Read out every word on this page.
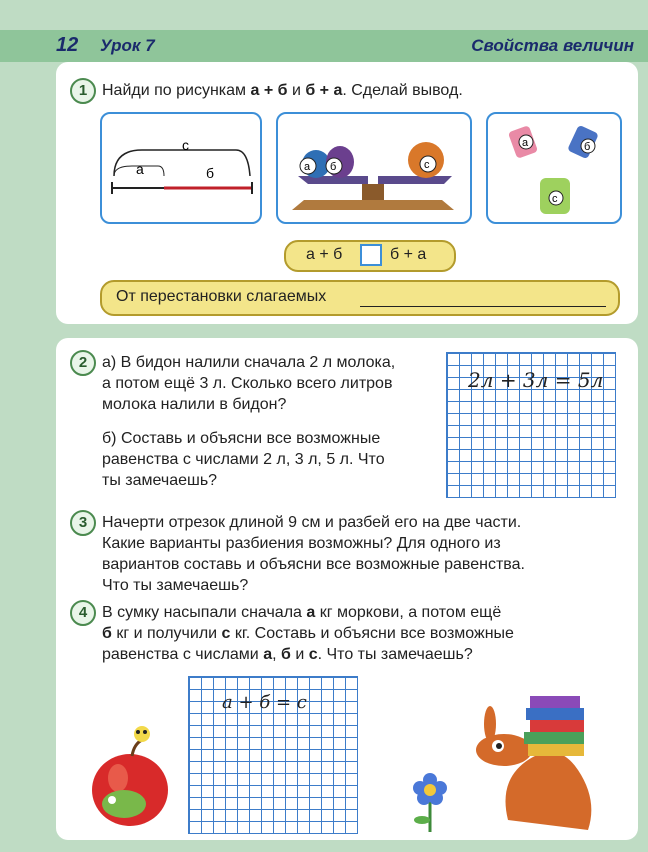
12 Урок 7	Свойства величин
1 Найди по рисункам а + б и б + а. Сделай вывод.
с
а	б	а б	с
а	б
с
а + б	б + а
От перестановки слагаемых
2 а) В бидон налили сначала 2 л молока,
а потом ещё 3 л. Сколько всего литров
молока налили в бидон?
б) Составь и объясни все возможные
равенства с числами 2 л, 3 л, 5 л. Что
ты замечаешь?
2л + 3л = 5л
3 Начерти отрезок длиной 9 см и разбей его на две части.
Какие варианты разбиения возможны? Для одного из
вариантов составь и объясни все возможные равенства.
Что ты замечаешь?
4 В сумку насыпали сначала а кг моркови, а потом ещё
б кг и получили с кг. Составь и объясни все возможные
равенства с числами а, б и с. Что ты замечаешь?
а + б = с
